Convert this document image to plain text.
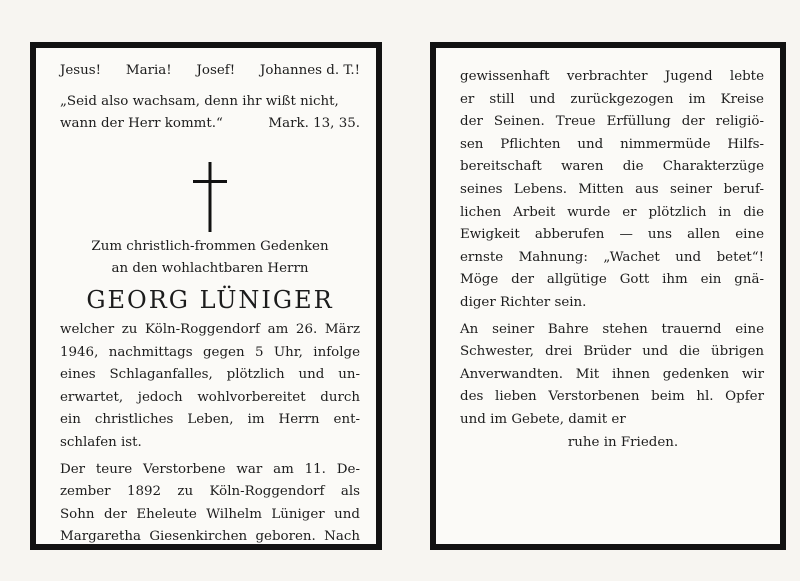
Jesus! Maria! Josef! Johannes d. T.!
„Seid also wachsam, denn ihr wißt nicht,
wann der Herr kommt.“	Mark. 13, 35.
Zum christlich-frommen Gedenken
an den wohlachtbaren Herrn
GEORG LÜNIGER
welcher zu Köln-Roggendorf am 26. März
1946, nachmittags gegen 5 Uhr, infolge
eines Schlaganfalles, plötzlich und un-
erwartet, jedoch wohlvorbereitet durch
ein christliches Leben, im Herrn ent-
schlafen ist.
Der teure Verstorbene war am 11. De-
zember 1892 zu Köln-Roggendorf als
Sohn der Eheleute Wilhelm Lüniger und
Margaretha Giesenkirchen geboren. Nach
gewissenhaft verbrachter Jugend lebte
er still und zurückgezogen im Kreise
der Seinen. Treue Erfüllung der religiö-
sen Pflichten und nimmermüde Hilfs-
bereitschaft waren die Charakterzüge
seines Lebens. Mitten aus seiner beruf-
lichen Arbeit wurde er plötzlich in die
Ewigkeit abberufen — uns allen eine
ernste Mahnung: „Wachet und betet“!
Möge der allgütige Gott ihm ein gnä-
diger Richter sein.
An seiner Bahre stehen trauernd eine
Schwester, drei Brüder und die übrigen
Anverwandten. Mit ihnen gedenken wir
des lieben Verstorbenen beim hl. Opfer
und im Gebete, damit er
ruhe in Frieden.
